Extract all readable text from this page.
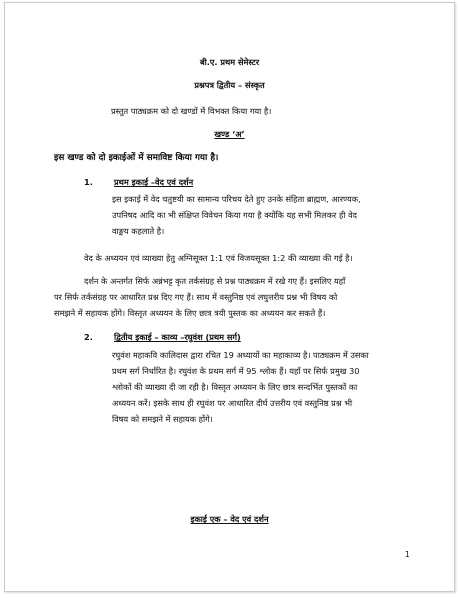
बी.ए. प्रथम सेमेस्टर
प्रश्नपत्र द्वितीय – संस्कृत
प्रस्तुत पाठ्यक्रम को दो खण्डों में विभक्त किया गया है।
खण्ड ‘अ’
इस खण्ड को दो इकाईओं में समाविष्ट किया गया है।
1.	प्रथम इकाई –वेद एवं दर्शन
इस इकाई में वेद चतुष्टयी का सामान्य परिचय देते हुए उनके संहिता ब्राह्मण, आरण्यक,
उपनिषद आदि का भी संक्षिप्त विवेचन किया गया है क्योंकि यह सभी मिलकर ही वेद
वाङ्मय कहलाते है।
वेद के अध्ययन एवं व्याख्या हेतु अग्निसूक्त 1:1 एवं विजयसूक्त 1:2 की व्याख्या की गई है।
दर्शन के अन्तर्गत सिर्फ अन्नंभट्ट कृत तर्कसंग्रह से प्रश्न पाठ्यक्रम में रखे गए हैं। इसलिए यहाँ
पर सिर्फ तर्कसंग्रह पर आधारित प्रश्न दिए गए हैं। साथ में वस्तुनिष्ठ एवं लघुत्तरीय प्रश्न भी विषय को
समझने में सहायक होंगे। विस्तृत अध्ययन के लिए छात्र त्रयी पुस्तक का अध्ययन कर सकते हैं।
2.	द्वितीय इकाई – काव्य –रघुवंश (प्रथम सर्ग)
रघुवंश महाकवि कालिदास द्वारा रचित 19 अध्यायों का महाकाव्य है। पाठ्यक्रम में उसका
प्रथम सर्ग निर्धारित है। रघुवंश के प्रथम सर्ग में 95 श्लोक हैं। यहाँ पर सिर्फ प्रमुख 30
श्लोकों की व्याख्या दी जा रही है। विस्तृत अध्ययन के लिए छात्र सन्दर्भित पुस्तकों का
अध्ययन करें। इसके साथ ही रघुवंश पर आधारित दीर्घ उत्तरीय एवं वस्तुनिष्ठ प्रश्न भी
विषय को समझने में सहायक होंगे।
इकाई एक – वेद एवं दर्शन
1
